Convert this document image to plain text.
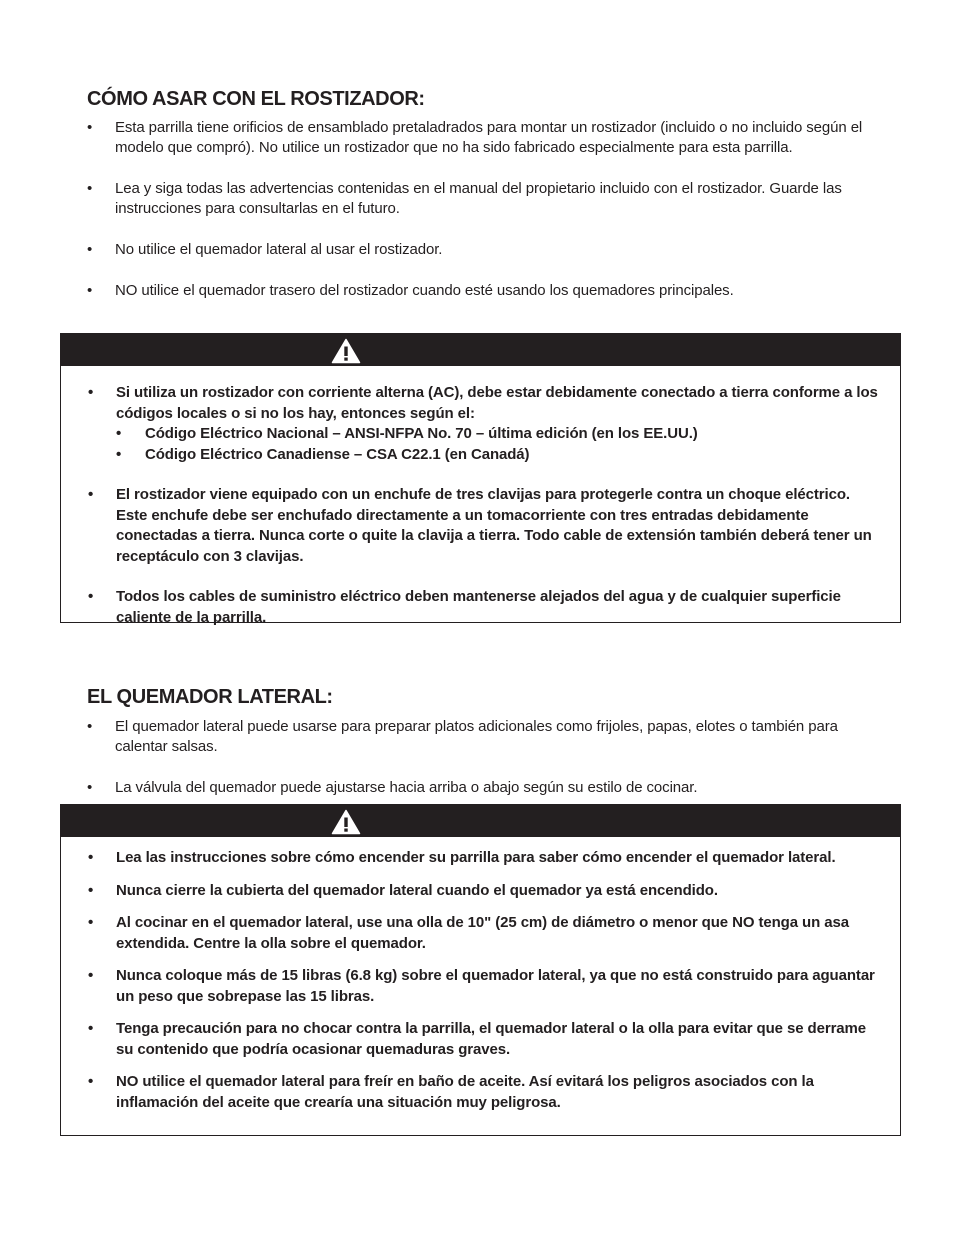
CÓMO ASAR CON EL ROSTIZADOR:
• Esta parrilla tiene orificios de ensamblado pretaladrados para montar un rostizador (incluido o no incluido según el modelo que compró). No utilice un rostizador que no ha sido fabricado especialmente para esta parrilla.
• Lea y siga todas las advertencias contenidas en el manual del propietario incluido con el rostizador. Guarde las instrucciones para consultarlas en el futuro.
• No utilice el quemador lateral al usar el rostizador.
• NO utilice el quemador trasero del rostizador cuando esté usando los quemadores principales.
• Si utiliza un rostizador con corriente alterna (AC), debe estar debidamente conectado a tierra conforme a los códigos locales o si no los hay, entonces según el:
• Código Eléctrico Nacional – ANSI-NFPA No. 70 – última edición (en los EE.UU.)
• Código Eléctrico Canadiense – CSA C22.1 (en Canadá)
• El rostizador viene equipado con un enchufe de tres clavijas para protegerle contra un choque eléctrico. Este enchufe debe ser enchufado directamente a un tomacorriente con tres entradas debidamente conectadas a tierra. Nunca corte o quite la clavija a tierra. Todo cable de extensión también deberá tener un receptáculo con 3 clavijas.
• Todos los cables de suministro eléctrico deben mantenerse alejados del agua y de cualquier superficie caliente de la parrilla.
EL QUEMADOR LATERAL:
• El quemador lateral puede usarse para preparar platos adicionales como frijoles, papas, elotes o también para calentar salsas.
• La válvula del quemador puede ajustarse hacia arriba o abajo según su estilo de cocinar.
• Lea las instrucciones sobre cómo encender su parrilla para saber cómo encender el quemador lateral.
• Nunca cierre la cubierta del quemador lateral cuando el quemador ya está encendido.
• Al cocinar en el quemador lateral, use una olla de 10" (25 cm) de diámetro o menor que NO tenga un asa extendida. Centre la olla sobre el quemador.
• Nunca coloque más de 15 libras (6.8 kg) sobre el quemador lateral, ya que no está construido para aguantar un peso que sobrepase las 15 libras.
• Tenga precaución para no chocar contra la parrilla, el quemador lateral o la olla para evitar que se derrame su contenido que podría ocasionar quemaduras graves.
• NO utilice el quemador lateral para freír en baño de aceite. Así evitará los peligros asociados con la inflamación del aceite que crearía una situación muy peligrosa.
